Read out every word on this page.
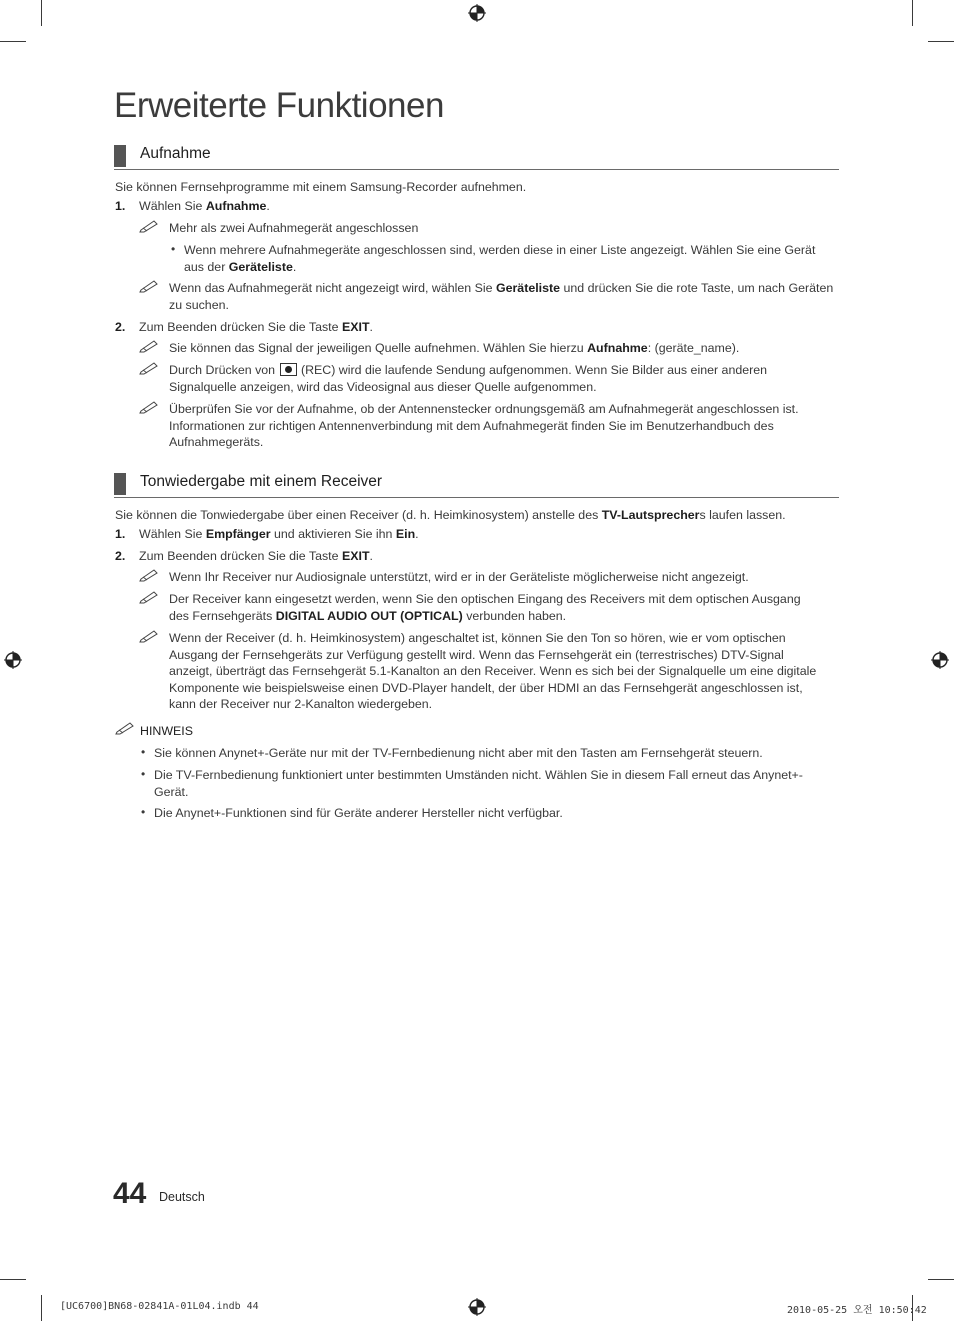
Erweiterte Funktionen
Aufnahme
Sie können Fernsehprogramme mit einem Samsung-Recorder aufnehmen.
1. Wählen Sie Aufnahme.
Mehr als zwei Aufnahmegerät angeschlossen
• Wenn mehrere Aufnahmegeräte angeschlossen sind, werden diese in einer Liste angezeigt. Wählen Sie eine Gerät aus der Geräteliste.
Wenn das Aufnahmegerät nicht angezeigt wird, wählen Sie Geräteliste und drücken Sie die rote Taste, um nach Geräten zu suchen.
2. Zum Beenden drücken Sie die Taste EXIT.
Sie können das Signal der jeweiligen Quelle aufnehmen. Wählen Sie hierzu Aufnahme: (geräte_name).
Durch Drücken von  (REC) wird die laufende Sendung aufgenommen. Wenn Sie Bilder aus einer anderen Signalquelle anzeigen, wird das Videosignal aus dieser Quelle aufgenommen.
Überprüfen Sie vor der Aufnahme, ob der Antennenstecker ordnungsgemäß am Aufnahmegerät angeschlossen ist. Informationen zur richtigen Antennenverbindung mit dem Aufnahmegerät finden Sie im Benutzerhandbuch des Aufnahmegeräts.
Tonwiedergabe mit einem Receiver
Sie können die Tonwiedergabe über einen Receiver (d. h. Heimkinosystem) anstelle des TV-Lautsprechers laufen lassen.
1. Wählen Sie Empfänger und aktivieren Sie ihn Ein.
2. Zum Beenden drücken Sie die Taste EXIT.
Wenn Ihr Receiver nur Audiosignale unterstützt, wird er in der Geräteliste möglicherweise nicht angezeigt.
Der Receiver kann eingesetzt werden, wenn Sie den optischen Eingang des Receivers mit dem optischen Ausgang des Fernsehgeräts DIGITAL AUDIO OUT (OPTICAL) verbunden haben.
Wenn der Receiver (d. h. Heimkinosystem) angeschaltet ist, können Sie den Ton so hören, wie er vom optischen Ausgang der Fernsehgeräts zur Verfügung gestellt wird. Wenn das Fernsehgerät ein (terrestrisches) DTV-Signal anzeigt, überträgt das Fernsehgerät 5.1-Kanalton an den Receiver. Wenn es sich bei der Signalquelle um eine digitale Komponente wie beispielsweise einen DVD-Player handelt, der über HDMI an das Fernsehgerät angeschlossen ist, kann der Receiver nur 2-Kanalton wiedergeben.
HINWEIS
• Sie können Anynet+-Geräte nur mit der TV-Fernbedienung nicht aber mit den Tasten am Fernsehgerät steuern.
• Die TV-Fernbedienung funktioniert unter bestimmten Umständen nicht. Wählen Sie in diesem Fall erneut das Anynet+-Gerät.
• Die Anynet+-Funktionen sind für Geräte anderer Hersteller nicht verfügbar.
44 Deutsch
[UC6700]BN68-02841A-01L04.indb 44	2010-05-25 오전 10:50:42
